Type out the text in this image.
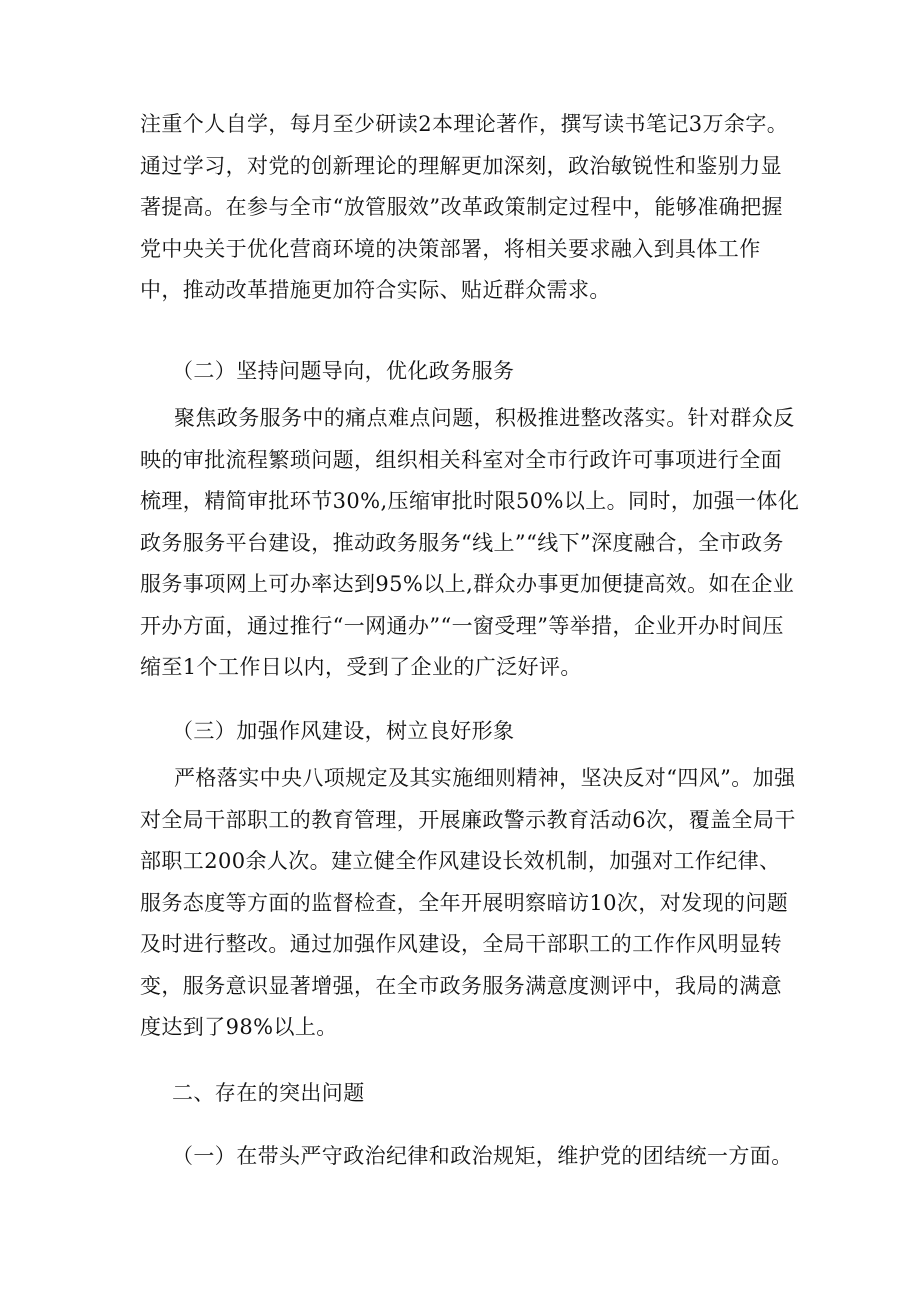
注重个人自学，每月至少研读2本理论著作，撰写读书笔记3万余字。通过学习，对党的创新理论的理解更加深刻，政治敏锐性和鉴别力显著提高。在参与全市“放管服效”改革政策制定过程中，能够准确把握党中央关于优化营商环境的决策部署，将相关要求融入到具体工作中，推动改革措施更加符合实际、贴近群众需求。

（二）坚持问题导向，优化政务服务

聚焦政务服务中的痛点难点问题，积极推进整改落实。针对群众反映的审批流程繁琐问题，组织相关科室对全市行政许可事项进行全面梳理，精简审批环节30%,压缩审批时限50%以上。同时，加强一体化政务服务平台建设，推动政务服务“线上”“线下”深度融合，全市政务服务事项网上可办率达到95%以上,群众办事更加便捷高效。如在企业开办方面，通过推行“一网通办”“一窗受理”等举措，企业开办时间压缩至1个工作日以内，受到了企业的广泛好评。

（三）加强作风建设，树立良好形象

严格落实中央八项规定及其实施细则精神，坚决反对“四风”。加强对全局干部职工的教育管理，开展廉政警示教育活动6次，覆盖全局干部职工200余人次。建立健全作风建设长效机制，加强对工作纪律、服务态度等方面的监督检查，全年开展明察暗访10次，对发现的问题及时进行整改。通过加强作风建设，全局干部职工的工作作风明显转变，服务意识显著增强，在全市政务服务满意度测评中，我局的满意度达到了98%以上。

二、存在的突出问题

（一）在带头严守政治纪律和政治规矩，维护党的团结统一方面。
